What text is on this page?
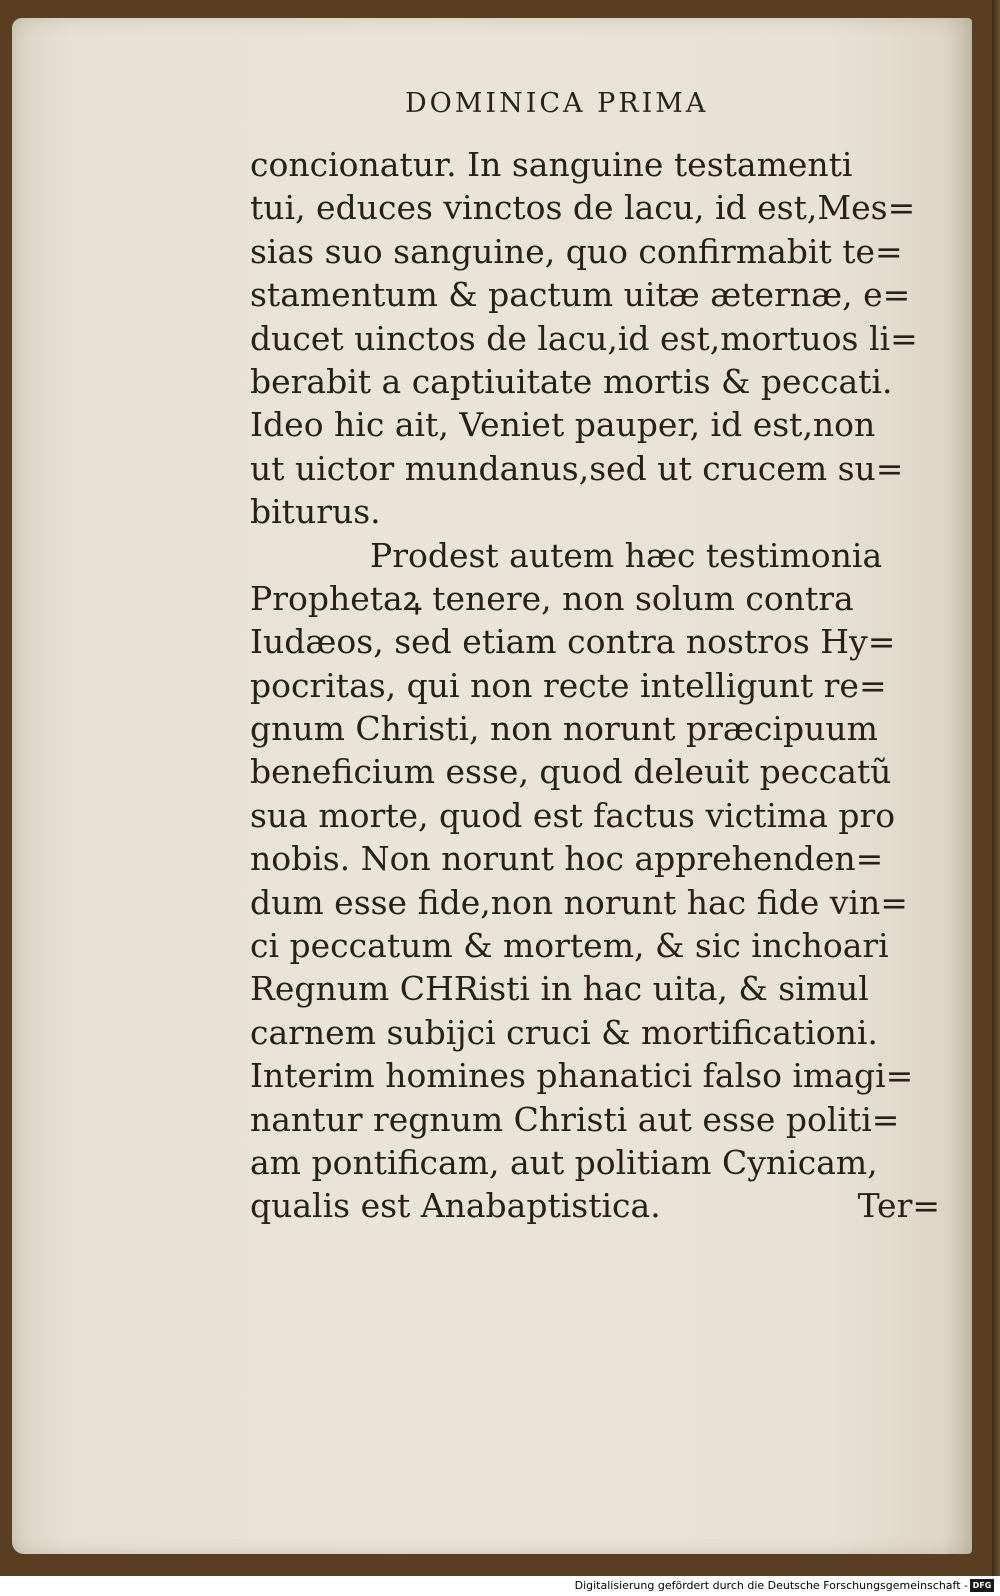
DOMINICA PRIMA
concionatur. In sanguine testamenti
tui, educes vinctos de lacu, id est,Mes=
sias suo sanguine, quo confirmabit te=
stamentum & pactum uitæ æternæ, e=
ducet uinctos de lacu,id est,mortuos li=
berabit a captiuitate mortis & peccati.
Ideo hic ait, Veniet pauper, id est,non
ut uictor mundanus,sed ut crucem su=
biturus.
Prodest autem hæc testimonia
Prophetaꝝ tenere, non solum contra
Iudæos, sed etiam contra nostros Hy=
pocritas, qui non recte intelligunt re=
gnum Christi, non norunt præcipuum
beneficium esse, quod deleuit peccatũ
sua morte, quod est factus victima pro
nobis. Non norunt hoc apprehenden=
dum esse fide,non norunt hac fide vin=
ci peccatum & mortem, & sic inchoari
Regnum CHRisti in hac uita, & simul
carnem subijci cruci & mortificationi.
Interim homines phanatici falso imagi=
nantur regnum Christi aut esse politi=
am pontificam, aut politiam Cynicam,
qualis est Anabaptistica.	Ter=
Digitalisierung gefördert durch die Deutsche Forschungsgemeinschaft - DFG
